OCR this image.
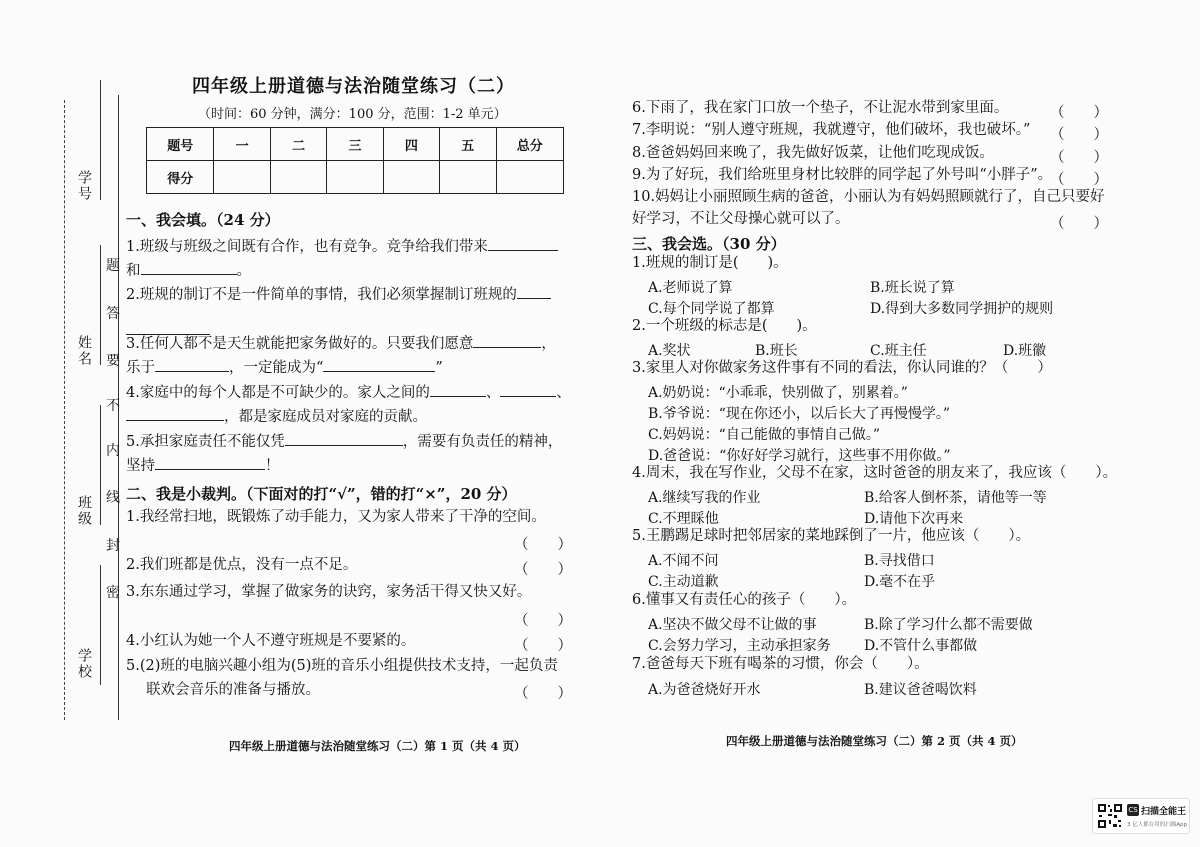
学号
姓名
班级
学校
题
答
要
不
内
线
封
密
四年级上册道德与法治随堂练习（二）
（时间：60 分钟，满分：100 分，范围：1-2 单元）
题号	一	二	三	四	五	总分
得分						
一、我会填。（24 分）
1.班级与班级之间既有合作，也有竞争。竞争给我们带来
和	。
2.班规的制订不是一件简单的事情，我们必须掌握制订班规的
3.任何人都不是天生就能把家务做好的。只要我们愿意	，
乐于	，一定能成为“	”
4.家庭中的每个人都是不可缺少的。家人之间的	、	、
，都是家庭成员对家庭的贡献。
5.承担家庭责任不能仅凭	，需要有负责任的精神，
坚持	！
二、我是小裁判。（下面对的打“√”，错的打“×”，20 分）
1.我经常扫地，既锻炼了动手能力，又为家人带来了干净的空间。
（　　）
2.我们班都是优点，没有一点不足。	（　　）
3.东东通过学习，掌握了做家务的诀窍，家务活干得又快又好。
（　　）
4.小红认为她一个人不遵守班规是不要紧的。	（　　）
5.(2)班的电脑兴趣小组为(5)班的音乐小组提供技术支持，一起负责
联欢会音乐的准备与播放。	（　　）
四年级上册道德与法治随堂练习（二）第 1 页（共 4 页）
6.下雨了，我在家门口放一个垫子，不让泥水带到家里面。	（　　）
7.李明说：“别人遵守班规，我就遵守，他们破坏，我也破坏。” （　　）
8.爸爸妈妈回来晚了，我先做好饭菜，让他们吃现成饭。	（　　）
9.为了好玩，我们给班里身材比较胖的同学起了外号叫“小胖子”。
（　　）
10.妈妈让小丽照顾生病的爸爸，小丽认为有妈妈照顾就行了，自己只要好
好学习，不让父母操心就可以了。	（　　）
三、我会选。（30 分）
1.班规的制订是(　　)。
A.老师说了算	B.班长说了算
C.每个同学说了都算	D.得到大多数同学拥护的规则
2.一个班级的标志是(　　)。
A.奖状	B.班长	C.班主任	D.班徽
3.家里人对你做家务这件事有不同的看法，你认同谁的？（　　）
A.奶奶说：“小乖乖，快别做了，别累着。”
B.爷爷说：“现在你还小，以后长大了再慢慢学。”
C.妈妈说：“自己能做的事情自己做。”
D.爸爸说：“你好好学习就行，这些事不用你做。”
4.周末，我在写作业，父母不在家，这时爸爸的朋友来了，我应该（　　）。
A.继续写我的作业	B.给客人倒杯茶，请他等一等
C.不理睬他	D.请他下次再来
5.王鹏踢足球时把邻居家的菜地踩倒了一片，他应该（　　）。
A.不闻不问	B.寻找借口
C.主动道歉	D.毫不在乎
6.懂事又有责任心的孩子（　　）。
A.坚决不做父母不让做的事	B.除了学习什么都不需要做
C.会努力学习，主动承担家务 D.不管什么事都做
7.爸爸每天下班有喝茶的习惯，你会（　　）。
A.为爸爸烧好开水	B.建议爸爸喝饮料
四年级上册道德与法治随堂练习（二）第 2 页（共 4 页）
CS 扫描全能王
3 亿人都在用的扫描App
